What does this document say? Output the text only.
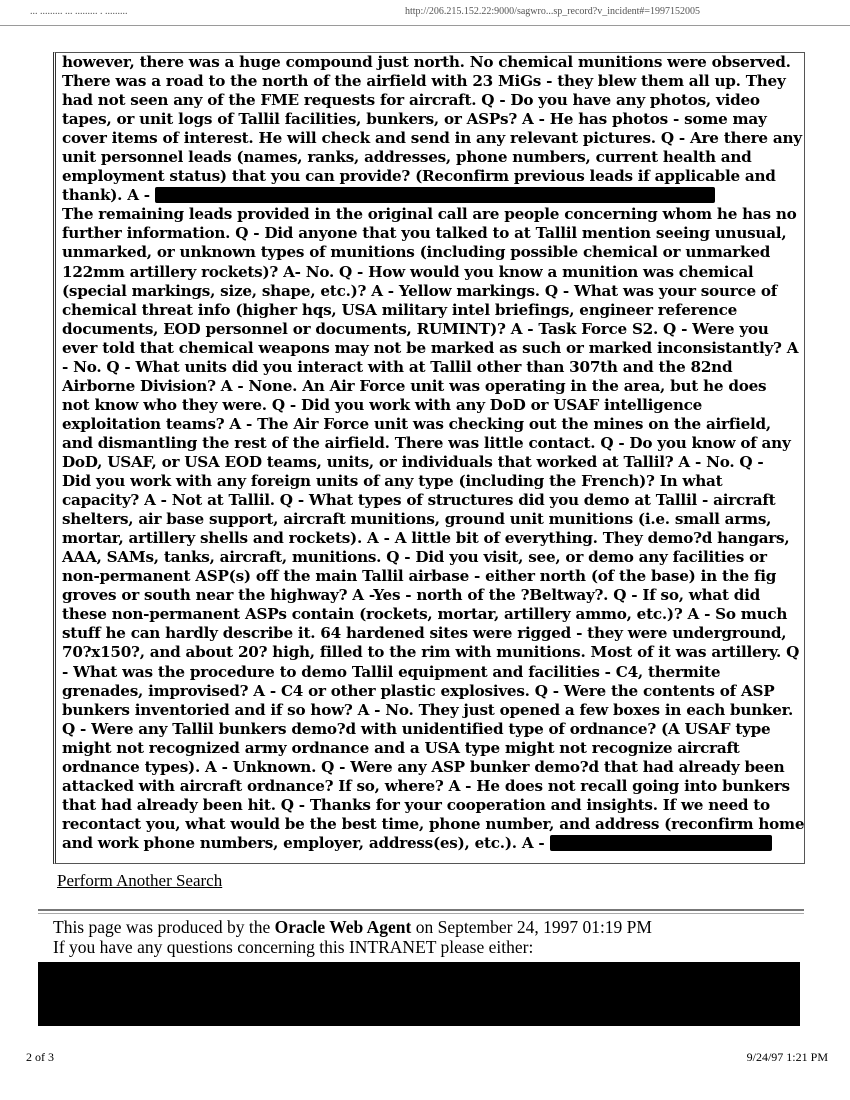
... ......... ... ......... . .........	http://206.215.152.22:9000/sagwro...sp_record?v_incident#=1997152005
however, there was a huge compound just north. No chemical munitions were observed.
There was a road to the north of the airfield with 23 MiGs - they blew them all up. They
had not seen any of the FME requests for aircraft. Q - Do you have any photos, video
tapes, or unit logs of Tallil facilities, bunkers, or ASPs? A - He has photos - some may
cover items of interest. He will check and send in any relevant pictures. Q - Are there any
unit personnel leads (names, ranks, addresses, phone numbers, current health and
employment status) that you can provide? (Reconfirm previous leads if applicable and
thank). A -
The remaining leads provided in the original call are people concerning whom he has no
further information. Q - Did anyone that you talked to at Tallil mention seeing unusual,
unmarked, or unknown types of munitions (including possible chemical or unmarked
122mm artillery rockets)? A- No. Q - How would you know a munition was chemical
(special markings, size, shape, etc.)? A - Yellow markings. Q - What was your source of
chemical threat info (higher hqs, USA military intel briefings, engineer reference
documents, EOD personnel or documents, RUMINT)? A - Task Force S2. Q - Were you
ever told that chemical weapons may not be marked as such or marked inconsistantly? A
- No. Q - What units did you interact with at Tallil other than 307th and the 82nd
Airborne Division? A - None. An Air Force unit was operating in the area, but he does
not know who they were. Q - Did you work with any DoD or USAF intelligence
exploitation teams? A - The Air Force unit was checking out the mines on the airfield,
and dismantling the rest of the airfield. There was little contact. Q - Do you know of any
DoD, USAF, or USA EOD teams, units, or individuals that worked at Tallil? A - No. Q -
Did you work with any foreign units of any type (including the French)? In what
capacity? A - Not at Tallil. Q - What types of structures did you demo at Tallil - aircraft
shelters, air base support, aircraft munitions, ground unit munitions (i.e. small arms,
mortar, artillery shells and rockets). A - A little bit of everything. They demo?d hangars,
AAA, SAMs, tanks, aircraft, munitions. Q - Did you visit, see, or demo any facilities or
non-permanent ASP(s) off the main Tallil airbase - either north (of the base) in the fig
groves or south near the highway? A -Yes - north of the ?Beltway?. Q - If so, what did
these non-permanent ASPs contain (rockets, mortar, artillery ammo, etc.)? A - So much
stuff he can hardly describe it. 64 hardened sites were rigged - they were underground,
70?x150?, and about 20? high, filled to the rim with munitions. Most of it was artillery. Q
- What was the procedure to demo Tallil equipment and facilities - C4, thermite
grenades, improvised? A - C4 or other plastic explosives. Q - Were the contents of ASP
bunkers inventoried and if so how? A - No. They just opened a few boxes in each bunker.
Q - Were any Tallil bunkers demo?d with unidentified type of ordnance? (A USAF type
might not recognized army ordnance and a USA type might not recognize aircraft
ordnance types). A - Unknown. Q - Were any ASP bunker demo?d that had already been
attacked with aircraft ordnance? If so, where? A - He does not recall going into bunkers
that had already been hit. Q - Thanks for your cooperation and insights. If we need to
recontact you, what would be the best time, phone number, and address (reconfirm home
and work phone numbers, employer, address(es), etc.). A -
Perform Another Search
This page was produced by the Oracle Web Agent on September 24, 1997 01:19 PM
If you have any questions concerning this INTRANET please either:
2 of 3	9/24/97 1:21 PM
